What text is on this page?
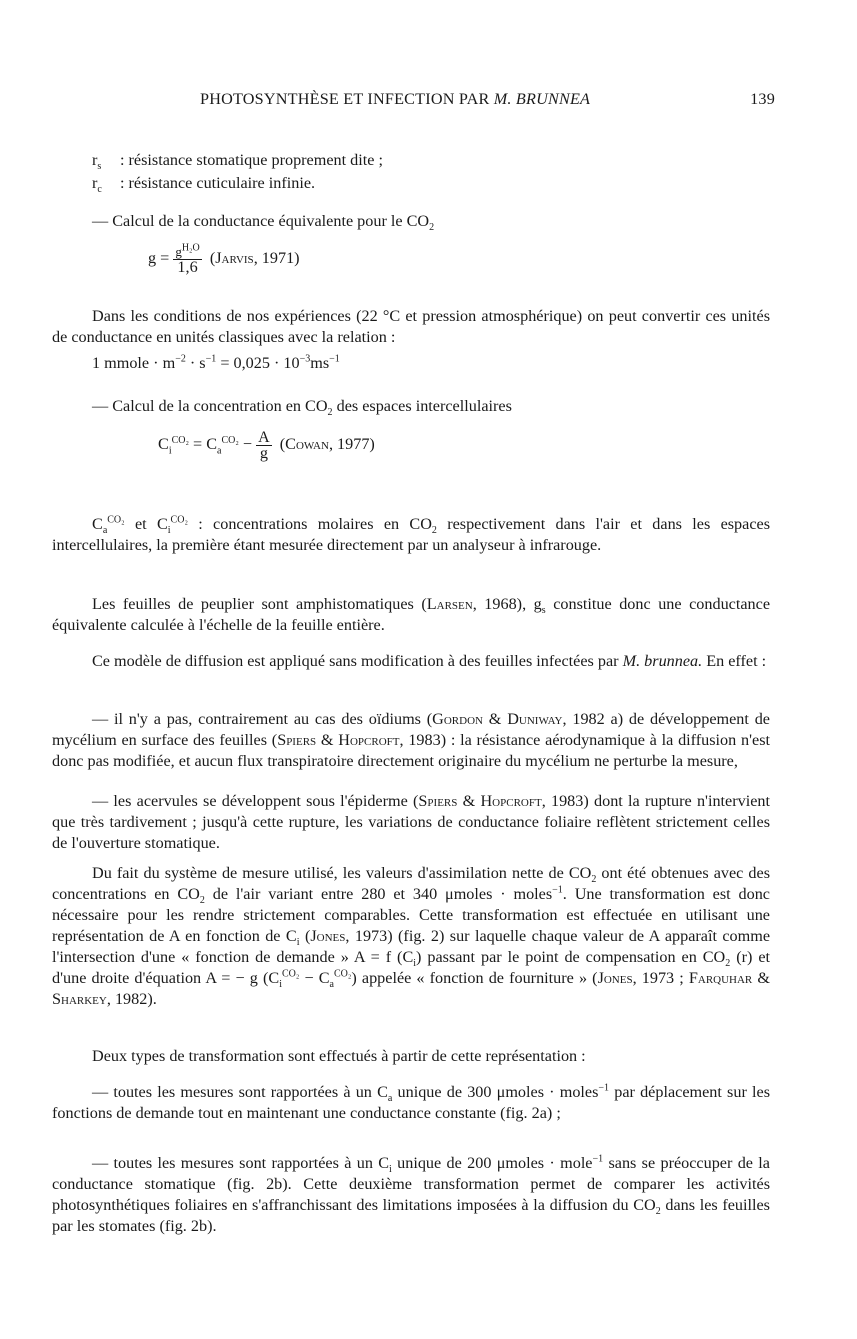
PHOTOSYNTHÈSE ET INFECTION PAR M. BRUNNEA	139
$r_s$ : résistance stomatique proprement dite ;
$r_c$ : résistance cuticulaire infinie.
— Calcul de la conductance équivalente pour le $CO_2$
$g = \frac{g^{H_2O}}{1,6}$ (Jarvis, 1971)

Dans les conditions de nos expériences (22 °C et pression atmosphérique) on peut convertir ces unités de conductance en unités classiques avec la relation :

1 mmole · $m^{-2} \cdot s^{-1} = 0,025 \cdot 10^{-3}ms^{-1}$
— Calcul de la concentration en $CO_2$ des espaces intercellulaires
$C_i^{CO_2} = C_a^{CO_2} - \frac{A}{g}$ (Cowan, 1977)

$C_a^{CO_2}$ et $C_i^{CO_2}$ : concentrations molaires en $CO_2$ respectivement dans l'air et dans les espaces intercellulaires, la première étant mesurée directement par un analyseur à infrarouge.

Les feuilles de peuplier sont amphistomatiques (Larsen, 1968), $g_s$ constitue donc une conductance équivalente calculée à l'échelle de la feuille entière.

Ce modèle de diffusion est appliqué sans modification à des feuilles infectées par M. brunnea. En effet :

— il n'y a pas, contrairement au cas des oïdiums (Gordon & Duniway, 1982 a) de développement de mycélium en surface des feuilles (Spiers & Hopcroft, 1983) : la résistance aérodynamique à la diffusion n'est donc pas modifiée, et aucun flux transpiratoire directement originaire du mycélium ne perturbe la mesure,

— les acervules se développent sous l'épiderme (Spiers & Hopcroft, 1983) dont la rupture n'intervient que très tardivement ; jusqu'à cette rupture, les variations de conductance foliaire reflètent strictement celles de l'ouverture stomatique.

Du fait du système de mesure utilisé, les valeurs d'assimilation nette de $CO_2$ ont été obtenues avec des concentrations en $CO_2$ de l'air variant entre 280 et 340 μmoles · moles$^{-1}$. Une transformation est donc nécessaire pour les rendre strictement comparables. Cette transformation est effectuée en utilisant une représentation de A en fonction de $C_i$ (Jones, 1973) (fig. 2) sur laquelle chaque valeur de A apparaît comme l'intersection d'une « fonction de demande » A = f $(C_i)$ passant par le point de compensation en $CO_2$ (r) et d'une droite d'équation A = − g $(C_i^{CO_2} - C_a^{CO_2})$ appelée « fonction de fourniture » (Jones, 1973 ; Farquhar & Sharkey, 1982).

Deux types de transformation sont effectués à partir de cette représentation :

— toutes les mesures sont rapportées à un $C_a$ unique de 300 μmoles · moles$^{-1}$ par déplacement sur les fonctions de demande tout en maintenant une conductance constante (fig. 2a) ;

— toutes les mesures sont rapportées à un $C_i$ unique de 200 μmoles · mole$^{-1}$ sans se préoccuper de la conductance stomatique (fig. 2b). Cette deuxième transformation permet de comparer les activités photosynthétiques foliaires en s'affranchissant des limitations imposées à la diffusion du $CO_2$ dans les feuilles par les stomates (fig. 2b).
